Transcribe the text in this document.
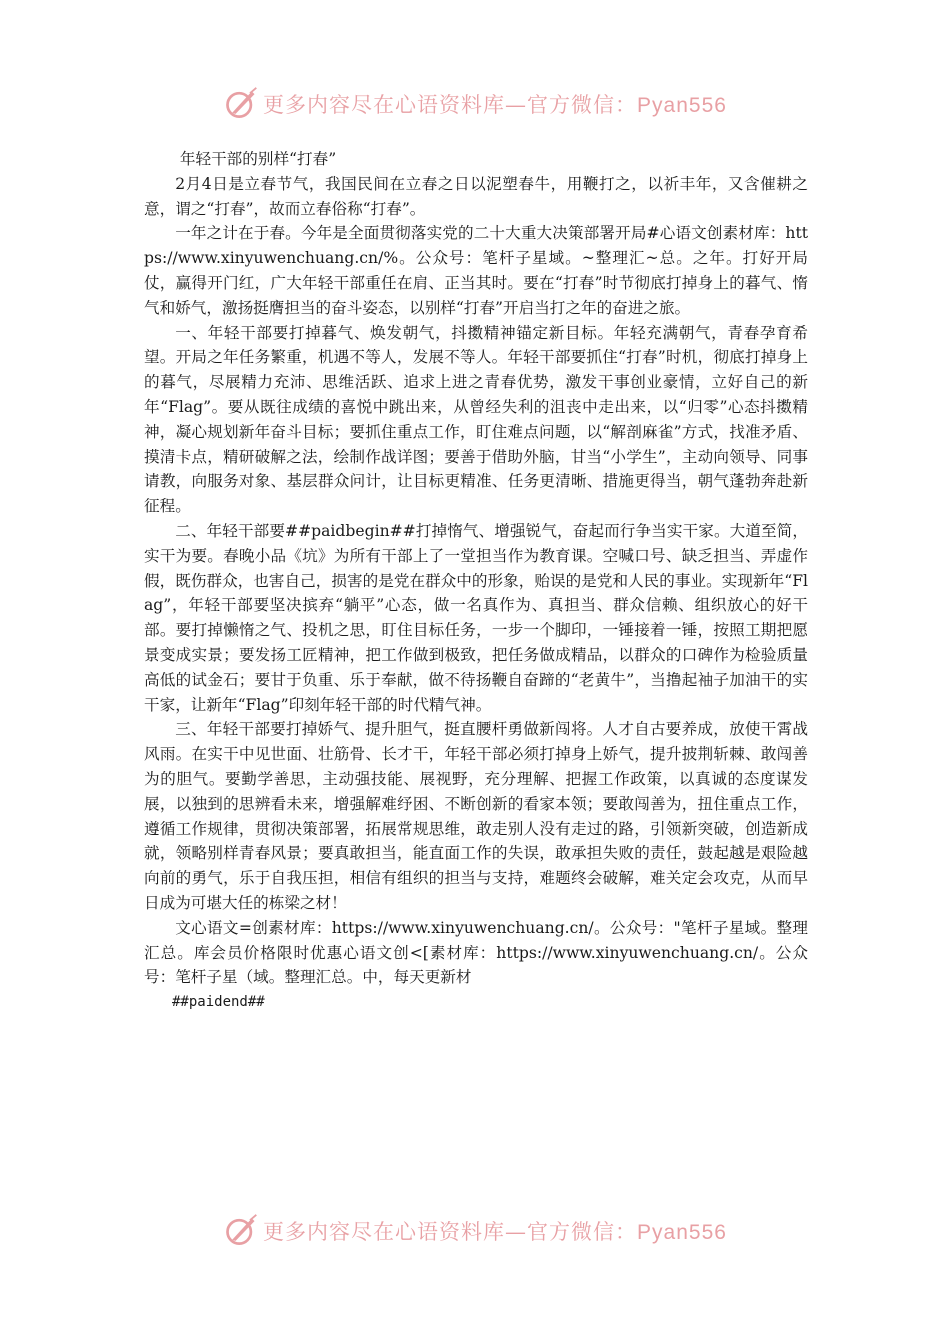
更多内容尽在心语资料库—官方微信：Pyan556

年轻干部的别样“打春”

2月4日是立春节气，我国民间在立春之日以泥塑春牛，用鞭打之，以祈丰年，又含催耕之意，谓之“打春”，故而立春俗称“打春”。

一年之计在于春。今年是全面贯彻落实党的二十大重大决策部署开局#心语文创素材库：https://www.xinyuwenchuang.cn/%。公众号：笔杆子星域。~整理汇~总。之年。打好开局仗，赢得开门红，广大年轻干部重任在肩、正当其时。要在“打春”时节彻底打掉身上的暮气、惰气和娇气，激扬挺膺担当的奋斗姿态，以别样“打春”开启当打之年的奋进之旅。

一、年轻干部要打掉暮气、焕发朝气，抖擞精神锚定新目标。年轻充满朝气，青春孕育希望。开局之年任务繁重，机遇不等人，发展不等人。年轻干部要抓住“打春”时机，彻底打掉身上的暮气，尽展精力充沛、思维活跃、追求上进之青春优势，激发干事创业豪情，立好自己的新年“Flag”。要从既往成绩的喜悦中跳出来，从曾经失利的沮丧中走出来，以“归零”心态抖擞精神，凝心规划新年奋斗目标；要抓住重点工作，盯住难点问题，以“解剖麻雀”方式，找准矛盾、摸清卡点，精研破解之法，绘制作战详图；要善于借助外脑，甘当“小学生”，主动向领导、同事请教，向服务对象、基层群众问计，让目标更精准、任务更清晰、措施更得当，朝气蓬勃奔赴新征程。

二、年轻干部要##paidbegin##打掉惰气、增强锐气，奋起而行争当实干家。大道至简，实干为要。春晚小品《坑》为所有干部上了一堂担当作为教育课。空喊口号、缺乏担当、弄虚作假，既伤群众，也害自己，损害的是党在群众中的形象，贻误的是党和人民的事业。实现新年“Flag”，年轻干部要坚决摈弃“躺平”心态，做一名真作为、真担当、群众信赖、组织放心的好干部。要打掉懒惰之气、投机之思，盯住目标任务，一步一个脚印，一锤接着一锤，按照工期把愿景变成实景；要发扬工匠精神，把工作做到极致，把任务做成精品，以群众的口碑作为检验质量高低的试金石；要甘于负重、乐于奉献，做不待扬鞭自奋蹄的“老黄牛”，当撸起袖子加油干的实干家，让新年“Flag”印刻年轻干部的时代精气神。

三、年轻干部要打掉娇气、提升胆气，挺直腰杆勇做新闯将。人才自古要养成，放使干霄战风雨。在实干中见世面、壮筋骨、长才干，年轻干部必须打掉身上娇气，提升披荆斩棘、敢闯善为的胆气。要勤学善思，主动强技能、展视野，充分理解、把握工作政策，以真诚的态度谋发展，以独到的思辨看未来，增强解难纾困、不断创新的看家本领；要敢闯善为，扭住重点工作，遵循工作规律，贯彻决策部署，拓展常规思维，敢走别人没有走过的路，引领新突破，创造新成就，领略别样青春风景；要真敢担当，能直面工作的失误，敢承担失败的责任，鼓起越是艰险越向前的勇气，乐于自我压担，相信有组织的担当与支持，难题终会破解，难关定会攻克，从而早日成为可堪大任的栋梁之材！

文心语文=创素材库：https://www.xinyuwenchuang.cn/。公众号："笔杆子星域。整理汇总。库会员价格限时优惠心语文创<[素材库：https://www.xinyuwenchuang.cn/。公众号：笔杆子星（域。整理汇总。中，每天更新材

##paidend##

更多内容尽在心语资料库—官方微信：Pyan556
